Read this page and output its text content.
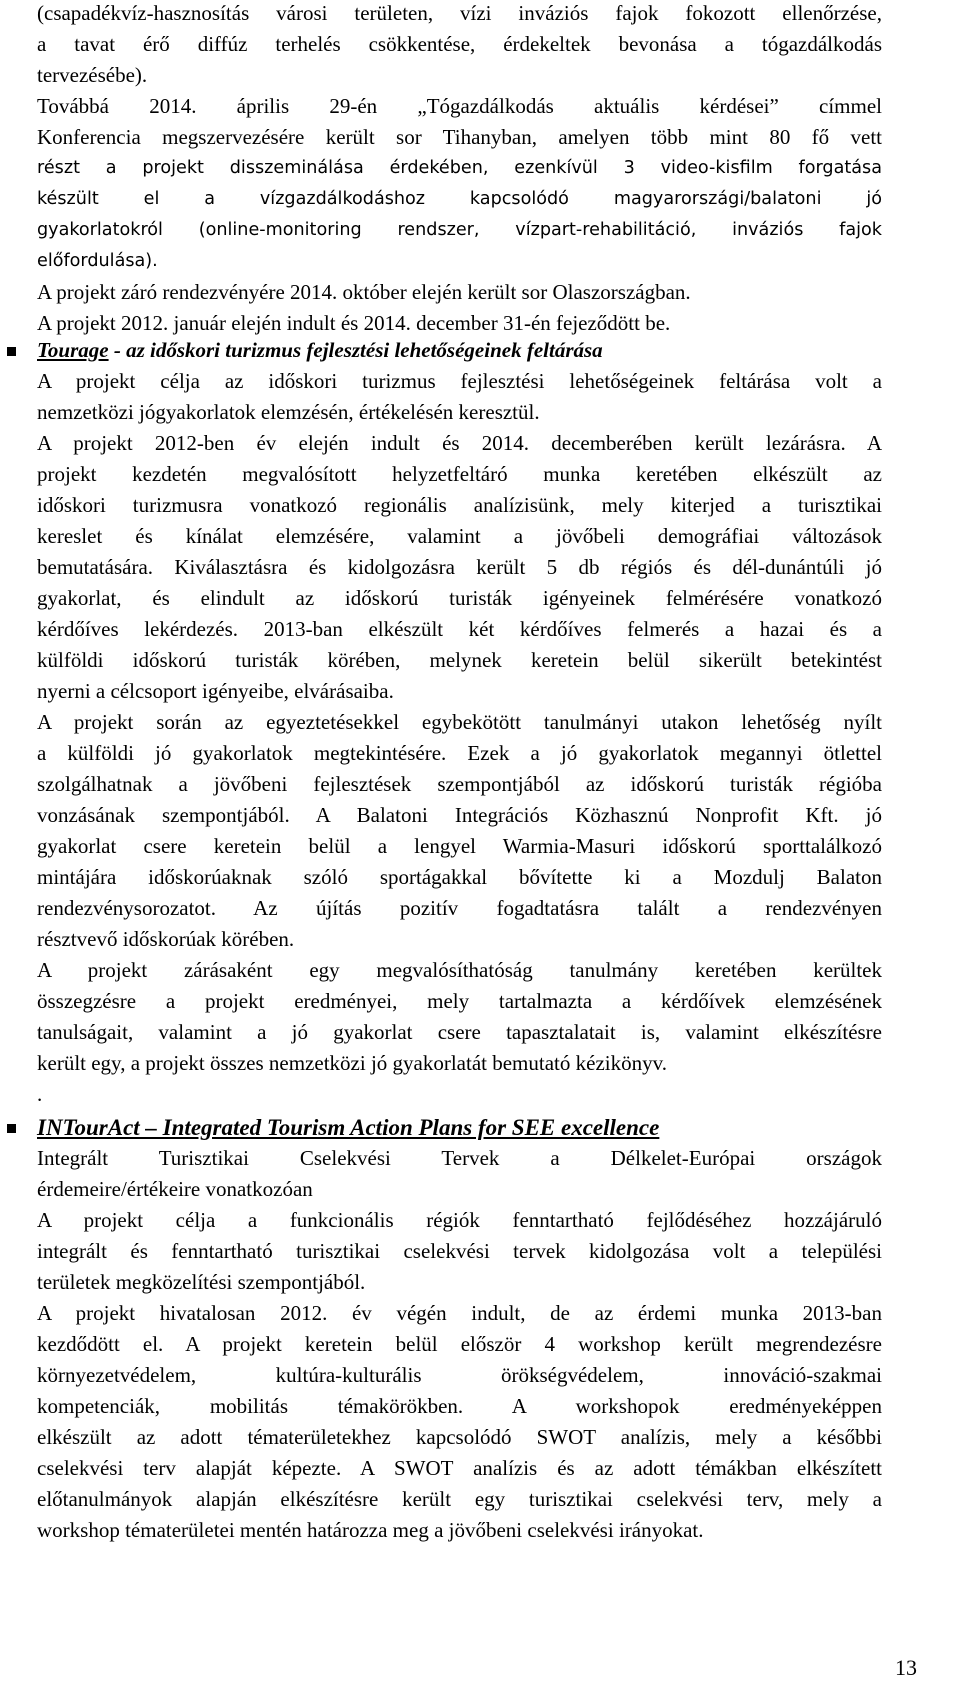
(csapadékvíz-hasznosítás városi területen, vízi inváziós fajok fokozott ellenőrzése,
a tavat érő diffúz terhelés csökkentése, érdekeltek bevonása a tógazdálkodás
tervezésébe).
Továbbá 2014. április 29-én „Tógazdálkodás aktuális kérdései” címmel
Konferencia megszervezésére került sor Tihanyban, amelyen több mint 80 fő vett
részt a projekt disszeminálása érdekében, ezenkívül 3 video-kisfilm forgatása
készült el a vízgazdálkodáshoz kapcsolódó magyarországi/balatoni jó
gyakorlatokról (online-monitoring rendszer, vízpart-rehabilitáció, inváziós fajok
előfordulása).
A projekt záró rendezvényére 2014. október elején került sor Olaszországban.
A projekt 2012. január elején indult és 2014. december 31-én fejeződött be.
Tourage - az időskori turizmus fejlesztési lehetőségeinek feltárása
A projekt célja az időskori turizmus fejlesztési lehetőségeinek feltárása volt a
nemzetközi jógyakorlatok elemzésén, értékelésén keresztül.
A projekt 2012-ben év elején indult és 2014. decemberében került lezárásra. A
projekt kezdetén megvalósított helyzetfeltáró munka keretében elkészült az
időskori turizmusra vonatkozó regionális analízisünk, mely kiterjed a turisztikai
kereslet és kínálat elemzésére, valamint a jövőbeli demográfiai változások
bemutatására. Kiválasztásra és kidolgozásra került 5 db régiós és dél-dunántúli jó
gyakorlat, és elindult az időskorú turisták igényeinek felmérésére vonatkozó
kérdőíves lekérdezés. 2013-ban elkészült két kérdőíves felmerés a hazai és a
külföldi időskorú turisták körében, melynek keretein belül sikerült betekintést
nyerni a célcsoport igényeibe, elvárásaiba.
A projekt során az egyeztetésekkel egybekötött tanulmányi utakon lehetőség nyílt
a külföldi jó gyakorlatok megtekintésére. Ezek a jó gyakorlatok megannyi ötlettel
szolgálhatnak a jövőbeni fejlesztések szempontjából az időskorú turisták régióba
vonzásának szempontjából. A Balatoni Integrációs Közhasznú Nonprofit Kft. jó
gyakorlat csere keretein belül a lengyel Warmia-Masuri időskorú sporttalálkozó
mintájára időskorúaknak szóló sportágakkal bővítette ki a Mozdulj Balaton
rendezvénysorozatot. Az újítás pozitív fogadtatásra talált a rendezvényen
résztvevő időskorúak körében.
A projekt zárásaként egy megvalósíthatóság tanulmány keretében kerültek
összegzésre a projekt eredményei, mely tartalmazta a kérdőívek elemzésének
tanulságait, valamint a jó gyakorlat csere tapasztalatait is, valamint elkészítésre
került egy, a projekt összes nemzetközi jó gyakorlatát bemutató kézikönyv.
.
INTourAct – Integrated Tourism Action Plans for SEE excellence
Integrált Turisztikai Cselekvési Tervek a Délkelet-Európai országok
érdemeire/értékeire vonatkozóan
A projekt célja a funkcionális régiók fenntartható fejlődéséhez hozzájáruló
integrált és fenntartható turisztikai cselekvési tervek kidolgozása volt a települési
területek megközelítési szempontjából.
A projekt hivatalosan 2012. év végén indult, de az érdemi munka 2013-ban
kezdődött el. A projekt keretein belül először 4 workshop került megrendezésre
környezetvédelem, kultúra-kulturális örökségvédelem, innováció-szakmai
kompetenciák, mobilitás témakörökben. A workshopok eredményeképpen
elkészült az adott tématerületekhez kapcsolódó SWOT analízis, mely a későbbi
cselekvési terv alapját képezte. A SWOT analízis és az adott témákban elkészített
előtanulmányok alapján elkészítésre került egy turisztikai cselekvési terv, mely a
workshop tématerületei mentén határozza meg a jövőbeni cselekvési irányokat.
13
